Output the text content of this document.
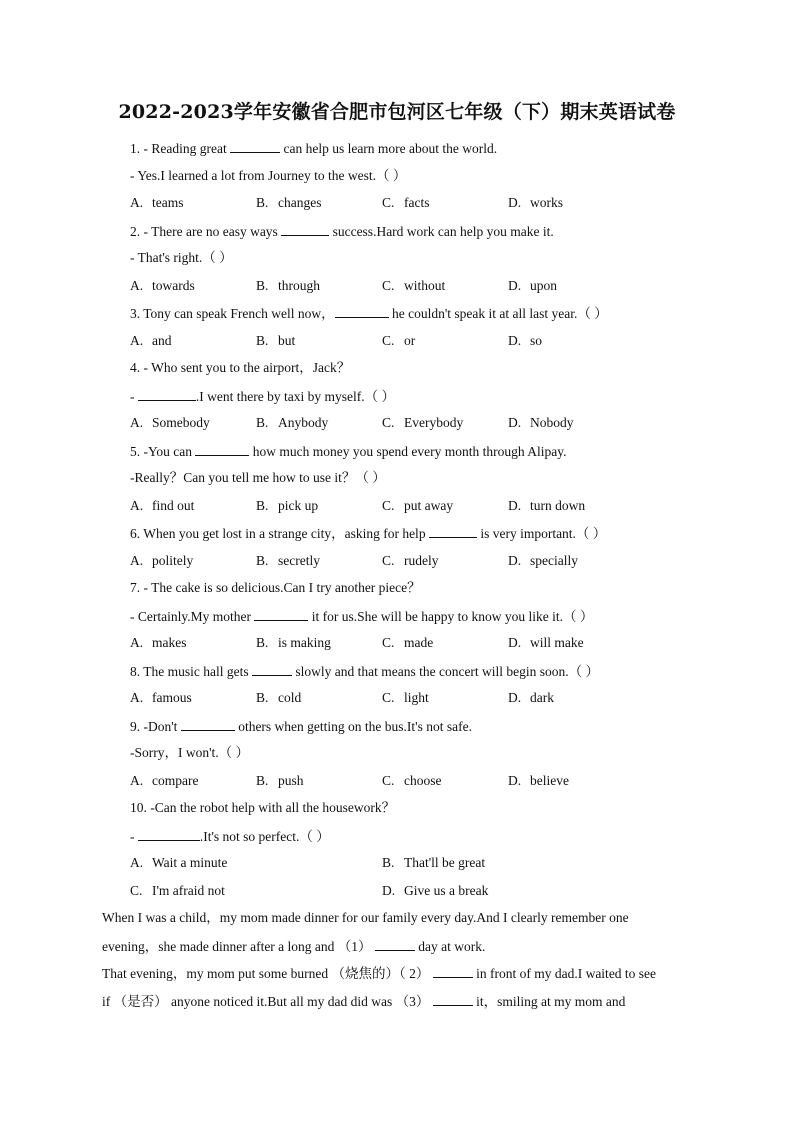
2022-2023学年安徽省合肥市包河区七年级（下）期末英语试卷
1. - Reading great	can help us learn more about the world.
- Yes.I learned a lot from Journey to the west.（ ）
A. teams	B. changes	C. facts	D. works
2. - There are no easy ways	success.Hard work can help you make it.
- That's right.（ ）
A. towards	B. through	C. without	D. upon
3. Tony can speak French well now，	he couldn't speak it at all last year.（ ）
A. and	B. but	C. or	D. so
4. - Who sent you to the airport，Jack？
-	.I went there by taxi by myself.（ ）
A. Somebody	B. Anybody	C. Everybody	D. Nobody
5. -You can	how much money you spend every month through Alipay.
-Really？Can you tell me how to use it？（ ）
A. find out	B. pick up	C. put away	D. turn down
6. When you get lost in a strange city，asking for help	is very important.（ ）
A. politely	B. secretly	C. rudely	D. specially
7. - The cake is so delicious.Can I try another piece？
- Certainly.My mother	it for us.She will be happy to know you like it.（ ）
A. makes	B. is making	C. made	D. will make
8. The music hall gets	slowly and that means the concert will begin soon.（ ）
A. famous	B. cold	C. light	D. dark
9. -Don't	others when getting on the bus.It's not safe.
-Sorry，I won't.（ ）
A. compare	B. push	C. choose	D. believe
10. -Can the robot help with all the housework？
-	.It's not so perfect.（ ）
A. Wait a minute	B. That'll be great
C. I'm afraid not	D. Give us a break
When I was a child，my mom made dinner for our family every day.And I clearly remember one
evening，she made dinner after a long and （1）	day at work.
That evening，my mom put some burned （烧焦的）（ 2）	in front of my dad.I waited to see
if （是否） anyone noticed it.But all my dad did was （3）	it，smiling at my mom and
